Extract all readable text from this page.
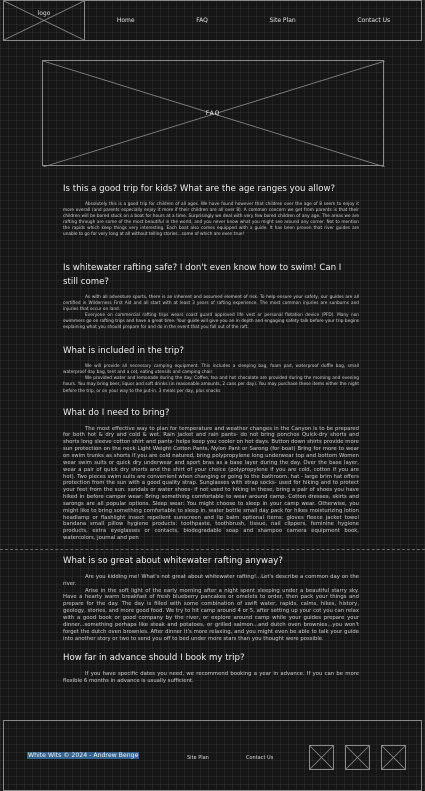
logo
Home	FAQ	Site Plan	Contact Us
FAQ
Is this a good trip for kids? What are the age ranges you allow?

Absolutely this is a good trip for children of all ages. We have found however that children over the age of 8 seem to enjoy it more overall (and parents especially enjoy it more if their children are all over 8). A common concern we get from parents is that their children will be bored stuck on a boat for hours at a time. Surprisingly we deal with very few bored children of any age. The areas we are rafting through are some of the most beautiful in the world, and you never know what you might see around any corner. Not to mention the rapids which keep things very interesting. Each boat also comes equipped with a guide. It has been proven that river guides are unable to go for very long at all without telling stories...some of which are even true!

Is whitewater rafting safe? I don't even know how to swim! Can I still come?

As with all adventure sports, there is an inherent and assumed element of risk. To help ensure your safety, our guides are all certified in Wilderness First Aid and all start with at least 3 years of rafting experience. The most common injuries are sunburns and injuries that occur on land.

Everyone on commercial rafting trips wears coast guard approved life vest or personal flotation device (PFD). Many non swimmers go on rafting trips and have a great time. Your guide will give you an in depth and engaging safety talk before your trip begins explaining what you should prepare for and do in the event that you fall out of the raft.

What is included in the trip?

We will provide all necessary camping equipment. This includes a sleeping bag, foam pad, waterproof duffle bag, small waterproof day bag, tent and a cot, eating utensils and camping chair.

We provided water and lemonade during the day. Coffee, tea and hot chocolate are provided during the morning and evening hours. You may bring beer, liquor and soft drinks (in reasonable amounts, 2 cans per day). You may purchase these items either the night before the trip, or on your way to the put-in. 3 meals per day, plus snacks

What do I need to bring?

The most effective way to plan for temperature and weather changes in the Canyon is to be prepared for both hot & dry and cold & wet. Rain jacket and rain pants- do not bring ponchos Quick-dry shorts and shorts long sleeve cotton shirt and pants- helps keep you cooler on hot days. Button down shirts provide more sun protection on the neck Light Weight Cotton Pants, Nylon Pant or Sarong (for boat) Bring for more to wear on swim trunks as shorts if you are cold natured, bring polypropylene long underwear top and bottom Women wear swim suits or quick dry underwear and sport bras as a base layer during the day. Over the base layer, wear a pair of quick dry shorts and the shirt of your choice (polypropylene if you are cold, cotton if you are hot). Two pieces swim suits are convenient when changing or going to the bathroom. hat - large brim hat offers protection from the sun with a good quality strap. Sunglasses with strap socks- used for hiking and to protect your feet from the sun. sandals or water shoes- if not used to hiking in these, bring a pair of shoes you have hiked in before camper wear: Bring something comfortable to wear around camp. Cotton dresses, skirts and sarongs are all popular options. Sleep wear: You might choose to sleep in your camp wear. Otherwise, you might like to bring something comfortable to sleep in. water bottle small day pack for hikes moisturizing lotion headlamp or flashlight insect repellent sunscreen and lip balm optional items: gloves fleece jacket towel bandana small pillow hygiene products: toothpaste, toothbrush, tissue, nail clippers, feminine hygiene products, extra eyeglasses or contacts, biodegradable soap and shampoo camera equipment book, watercolors, journal and pen

What is so great about whitewater rafting anyway?

Are you kidding me! What's not great about whitewater rafting!...Let's describe a common day on the river.

Arise in the soft light of the early morning after a night spent sleeping under a beautiful starry sky. Have a hearty warm breakfast of fresh blueberry pancakes or omelets to order, then pack your things and prepare for the day. The day is filled with some combination of swift water, rapids, calms, hikes, history, geology, stories, and more good food. We try to hit camp around 4 or 5, after setting up your cot you can relax with a good book or good company by the river, or explore around camp while your guides prepare your dinner...something perhaps like steak and potatoes, or grilled salmon...and dutch oven brownies...you won't forget the dutch oven brownies. After dinner it's more relaxing, and you might even be able to talk your guide into another story or two to send you off to bed under more stars than you thought were possible.

How far in advance should I book my trip?

If you have specific dates you need, we recommend booking a year in advance. If you can be more flexible 6 months in advance is usually sufficient.

White Wits © 2024 - Andrew Benge	Site Plan	Contact Us
